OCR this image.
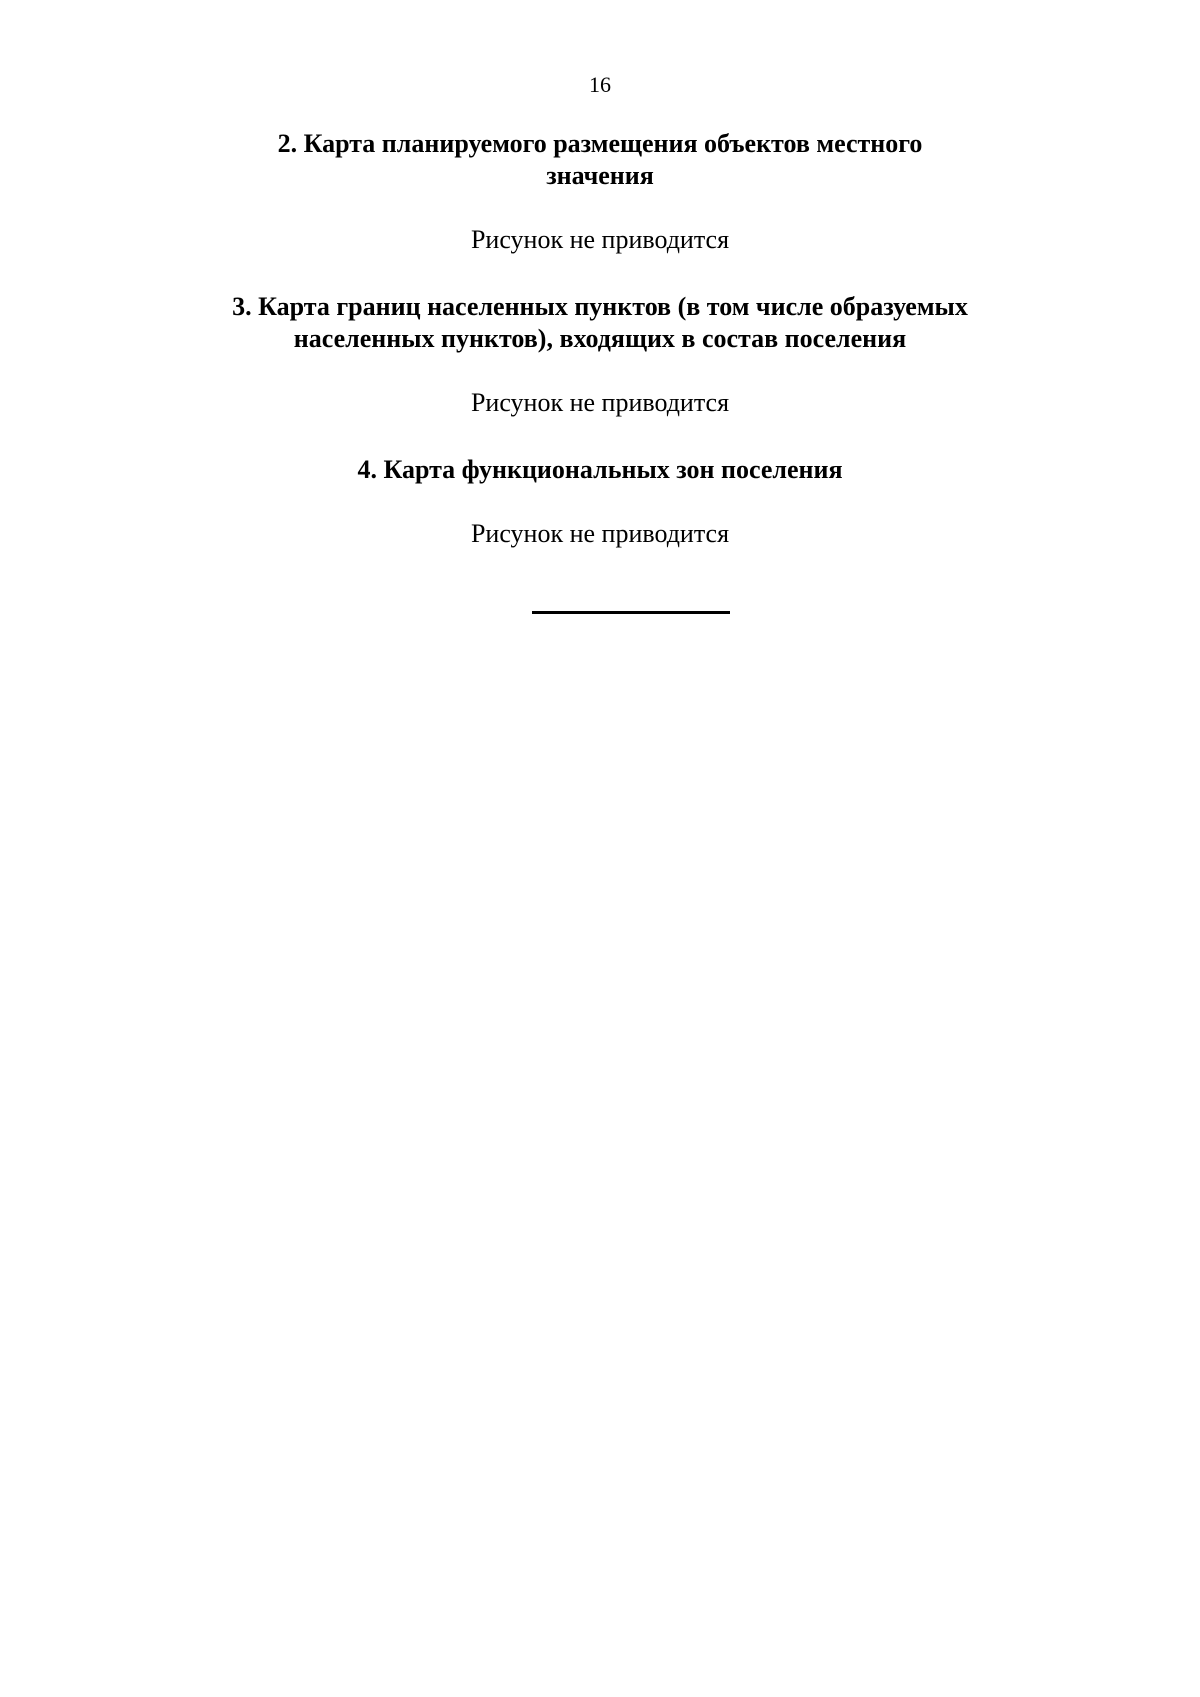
16
2. Карта планируемого размещения объектов местного
значения
Рисунок не приводится
3. Карта границ населенных пунктов (в том числе образуемых
населенных пунктов), входящих в состав поселения
Рисунок не приводится
4. Карта функциональных зон поселения
Рисунок не приводится
